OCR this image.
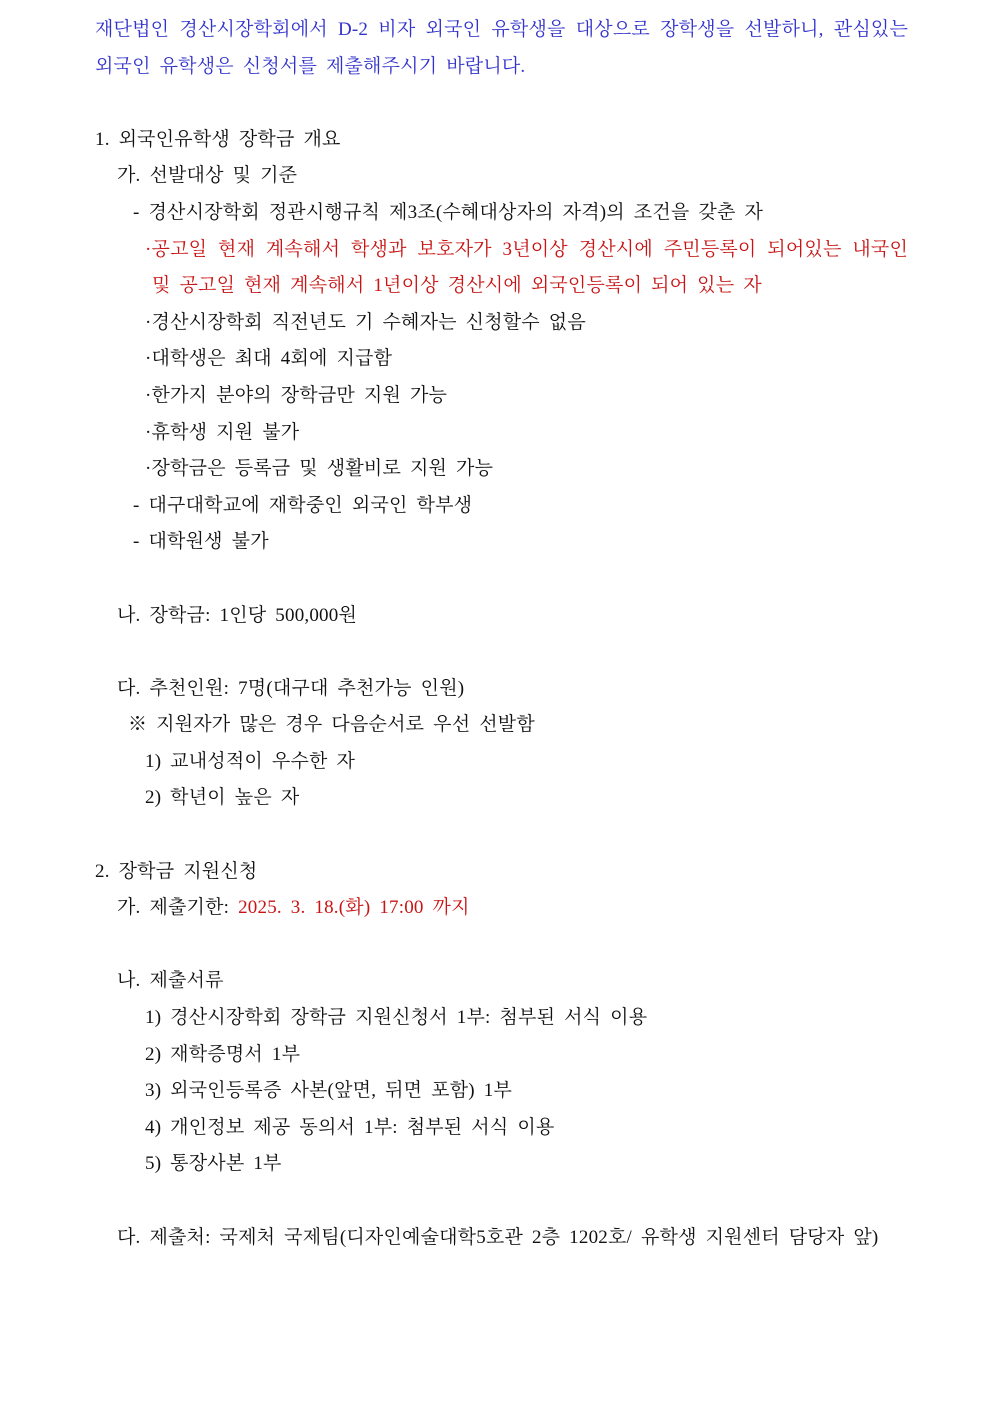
재단법인 경산시장학회에서 D-2 비자 외국인 유학생을 대상으로 장학생을 선발하니, 관심있는 외국인 유학생은 신청서를 제출해주시기 바랍니다.

1. 외국인유학생 장학금 개요
가. 선발대상 및 기준
- 경산시장학회 정관시행규칙 제3조(수혜대상자의 자격)의 조건을 갖춘 자
·공고일 현재 계속해서 학생과 보호자가 3년이상 경산시에 주민등록이 되어있는 내국인 및 공고일 현재 계속해서 1년이상 경산시에 외국인등록이 되어 있는 자
·경산시장학회 직전년도 기 수혜자는 신청할수 없음
·대학생은 최대 4회에 지급함
·한가지 분야의 장학금만 지원 가능
·휴학생 지원 불가
·장학금은 등록금 및 생활비로 지원 가능
- 대구대학교에 재학중인 외국인 학부생
- 대학원생 불가
나. 장학금: 1인당 500,000원
다. 추천인원: 7명(대구대 추천가능 인원)
※ 지원자가 많은 경우 다음순서로 우선 선발함
1) 교내성적이 우수한 자
2) 학년이 높은 자
2. 장학금 지원신청
가. 제출기한: 2025. 3. 18.(화) 17:00 까지
나. 제출서류
1) 경산시장학회 장학금 지원신청서 1부: 첨부된 서식 이용
2) 재학증명서 1부
3) 외국인등록증 사본(앞면, 뒤면 포함) 1부
4) 개인정보 제공 동의서 1부: 첨부된 서식 이용
5) 통장사본 1부
다. 제출처: 국제처 국제팀(디자인예술대학5호관 2층 1202호/ 유학생 지원센터 담당자 앞)
